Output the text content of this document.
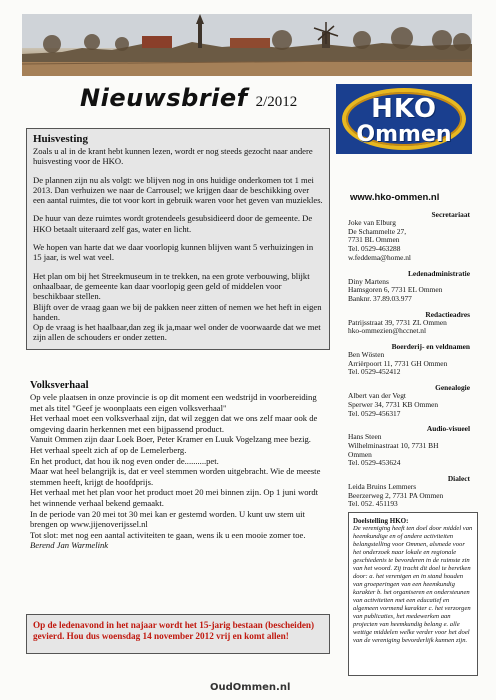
Nieuwsbrief 2/2012	HKO
Ommen
Huisvesting

Zoals u al in de krant hebt kunnen lezen, wordt er nog steeds gezocht naar andere huisvesting voor de HKO.

De plannen zijn nu als volgt: we blijven nog in ons huidige onderkomen tot 1 mei 2013. Dan verhuizen we naar de Carrousel; we krijgen daar de beschikking over een aantal ruimtes, die tot voor kort in gebruik waren voor het geven van muziekles.

De huur van deze ruimtes wordt grotendeels gesubsidieerd door de gemeente. De HKO betaalt uiteraard zelf gas, water en licht.

We hopen van harte dat we daar voorlopig kunnen blijven want 5 verhuizingen in 15 jaar, is wel wat veel.

Het plan om bij het Streekmuseum in te trekken, na een grote verbouwing, blijkt onhaalbaar, de gemeente kan daar voorlopig geen geld of middelen voor beschikbaar stellen.

Blijft over de vraag gaan we bij de pakken neer zitten of nemen we het heft in eigen handen.

Op de vraag is het haalbaar,dan zeg ik ja,maar wel onder de voorwaarde dat we met zijn allen de schouders er onder zetten.

Volksverhaal

Op vele plaatsen in onze provincie is op dit moment een wedstrijd in voorbereiding met als titel "Geef je woonplaats een eigen volksverhaal"

Het verhaal moet een volksverhaal zijn, dat wil zeggen dat we ons zelf maar ook de omgeving daarin herkennen met een bijpassend product.

Vanuit Ommen zijn daar Loek Boer, Peter Kramer en Luuk Vogelzang mee bezig.

Het verhaal speelt zich af op de Lemelerberg.

En het product, dat hou ik nog even onder de..........pet.

Maar wat heel belangrijk is, dat er veel stemmen worden uitgebracht. Wie de meeste stemmen heeft, krijgt de hoofdprijs.

Het verhaal met het plan voor het product moet 20 mei binnen zijn. Op 1 juni wordt het winnende verhaal bekend gemaakt.

In de periode van 20 mei tot 30 mei kan er gestemd worden. U kunt uw stem uit brengen op www.jijenoverijssel.nl

Tot slot: met nog een aantal activiteiten te gaan, wens ik u een mooie zomer toe.

Berend Jan Warmelink

Op de ledenavond in het najaar wordt het 15-jarig bestaan (bescheiden) gevierd. Hou dus woensdag 14 november 2012 vrij en komt allen!
OudOmmen.nl
www.hko-ommen.nl
Secretariaat
Joke van Elburg
De Schammelte 27,
7731 BL Ommen
Tel. 0529-463288
w.feddema@home.nl
Ledenadministratie
Diny Martens
Hamsgoren 6, 7731 EL Ommen
Banknr. 37.89.03.977
Redactieadres
Patrijsstraat 39, 7731 ZL Ommen
hko-ommezien@hccnet.nl
Boerderij- en veldnamen
Ben Wösten
Arrièrpoort 11, 7731 GH Ommen
Tel. 0529-452412
Genealogie
Albert van der Vegt
Sperwer 34, 7731 KB Ommen
Tel. 0529-456317
Audio-visueel
Hans Steen
Wilhelminastraat 10, 7731 BH
Ommen
Tel. 0529-453624
Dialect
Leida Bruins Lemmers
Beerzerweg 2, 7731 PA Ommen
Tel. 052. 451193
Doelstelling HKO:
De vereniging heeft ten doel door middel van heemkundige en of andere activiteiten belangstelling voor Ommen, alsmede voor het onderzoek naar lokale en regionale geschiedenis te bevorderen in de ruimste zin van het woord. Zij tracht dit doel te bereiken door: a. het verenigen en in stand houden van groeperingen van een heemkundig karakter b. het organiseren en ondersteunen van activiteiten met een educatief en algemeen vormend karakter c. het verzorgen van publicaties, het medewerken aan projecten van heemkundig belang e. alle wettige middelen welke verder voor het doel van de vereniging bevorderlijk kunnen zijn.
